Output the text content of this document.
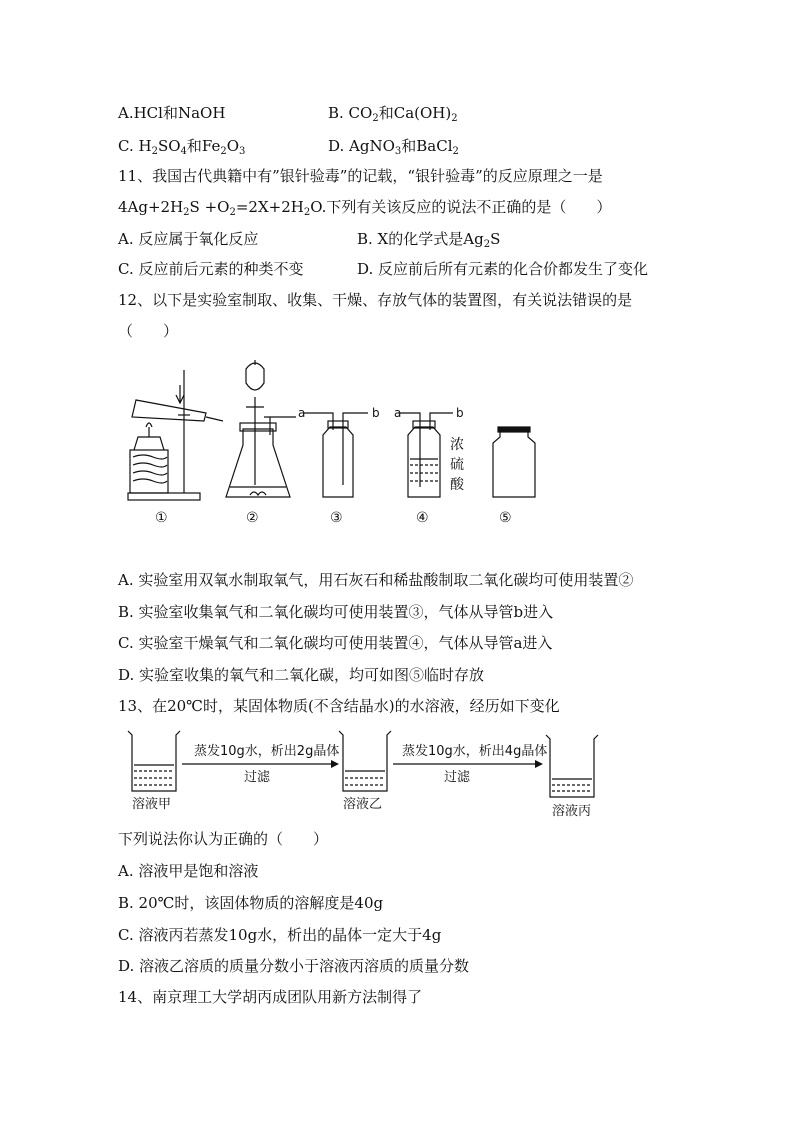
A.HCl和NaOH	B. $CO_2$和$Ca(OH)_2$
C. $H_2SO_4$和$Fe_2O_3$	D. AgNO$_3$和BaCl$_2$
11、我国古代典籍中有”银针验毒”的记载，“银针验毒”的反应原理之一是
$4Ag+2H_2S +O_2=2X+2H_2O$.下列有关该反应的说法不正确的是（　　）
A. 反应属于氧化反应	B. X的化学式是$Ag_2S$
C. 反应前后元素的种类不变	D. 反应前后所有元素的化合价都发生了变化
12、以下是实验室制取、收集、干燥、存放气体的装置图，有关说法错误的是
（　　）
a	b a	b
浓
硫
酸
①	②	③	④	⑤
A. 实验室用双氧水制取氧气，用石灰石和稀盐酸制取二氧化碳均可使用装置②
B. 实验室收集氧气和二氧化碳均可使用装置③，气体从导管b进入
C. 实验室干燥氧气和二氧化碳均可使用装置④，气体从导管a进入
D. 实验室收集的氧气和二氧化碳，均可如图⑤临时存放
13、在20℃时，某固体物质(不含结晶水)的水溶液，经历如下变化
溶液甲
蒸发10g水，析出2g晶体
过滤
溶液乙
蒸发10g水，析出4g晶体
过滤
溶液丙
下列说法你认为正确的（　　）
A. 溶液甲是饱和溶液
B. 20℃时，该固体物质的溶解度是40g
C. 溶液丙若蒸发10g水，析出的晶体一定大于4g
D. 溶液乙溶质的质量分数小于溶液丙溶质的质量分数
14、南京理工大学胡丙成团队用新方法制得了
